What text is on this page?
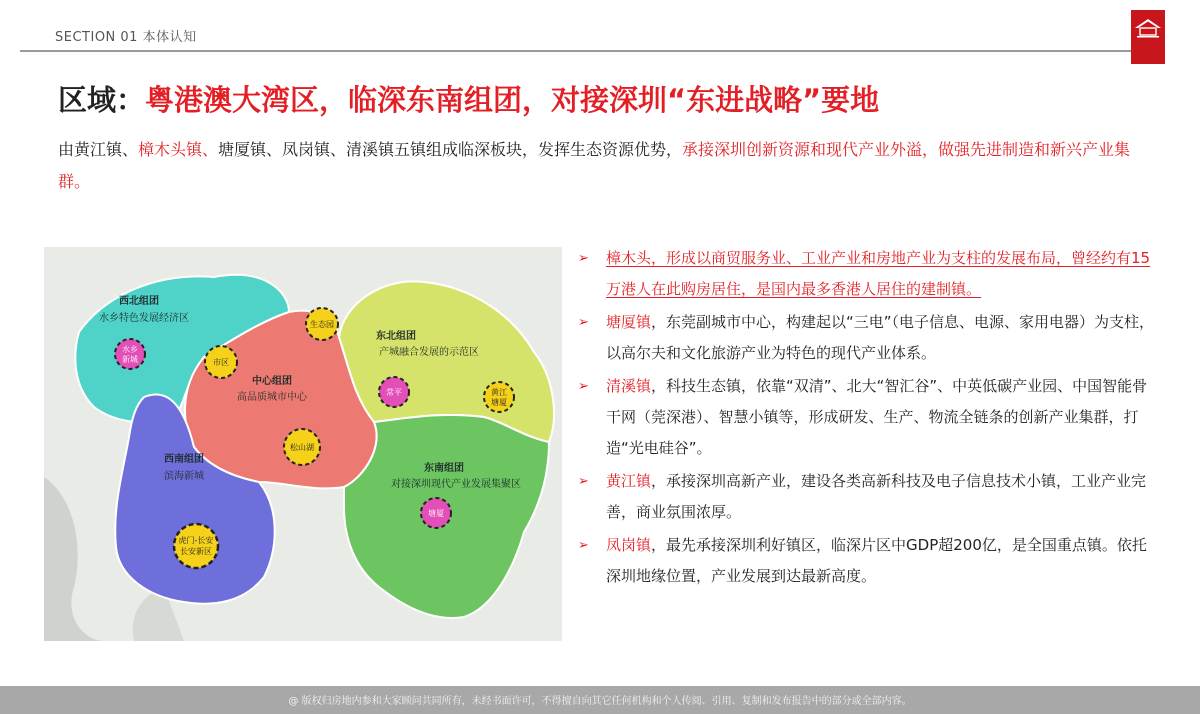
SECTION 01 本体认知
区域：粤港澳大湾区，临深东南组团，对接深圳“东进战略”要地
由黄江镇、樟木头镇、塘厦镇、凤岗镇、清溪镇五镇组成临深板块，发挥生态资源优势，承接深圳创新资源和现代产业外溢，做强先进制造和新兴产业集群。
西北组团
水乡特色发展经济区
中心组团
高品质城市中心
东北组团
产城融合发展的示范区
西南组团
滨海新城
东南组团
对接深圳现代产业发展集聚区
水乡
新城	市区
生态园
松山湖
常平	黄江
塘厦
虎门-长安
长安新区
塘厦
➢ 樟木头，形成以商贸服务业、工业产业和房地产业为支柱的发展布局，曾经约有15万港人在此购房居住，是国内最多香港人居住的建制镇。
➢ 塘厦镇，东莞副城市中心，构建起以“三电”（电子信息、电源、家用电器）为支柱，以高尔夫和文化旅游产业为特色的现代产业体系。
➢ 清溪镇，科技生态镇，依靠“双清”、北大“智汇谷”、中英低碳产业园、中国智能骨干网（莞深港）、智慧小镇等，形成研发、生产、物流全链条的创新产业集群，打造“光电硅谷”。
➢ 黄江镇，承接深圳高新产业，建设各类高新科技及电子信息技术小镇，工业产业完善，商业氛围浓厚。
➢ 凤岗镇，最先承接深圳利好镇区，临深片区中GDP超200亿，是全国重点镇。依托深圳地缘位置，产业发展到达最新高度。
@ 版权归房地内参和大家顾问共同所有，未经书面许可，不得擅自向其它任何机构和个人传阅、引用、复制和发布报告中的部分或全部内容。
